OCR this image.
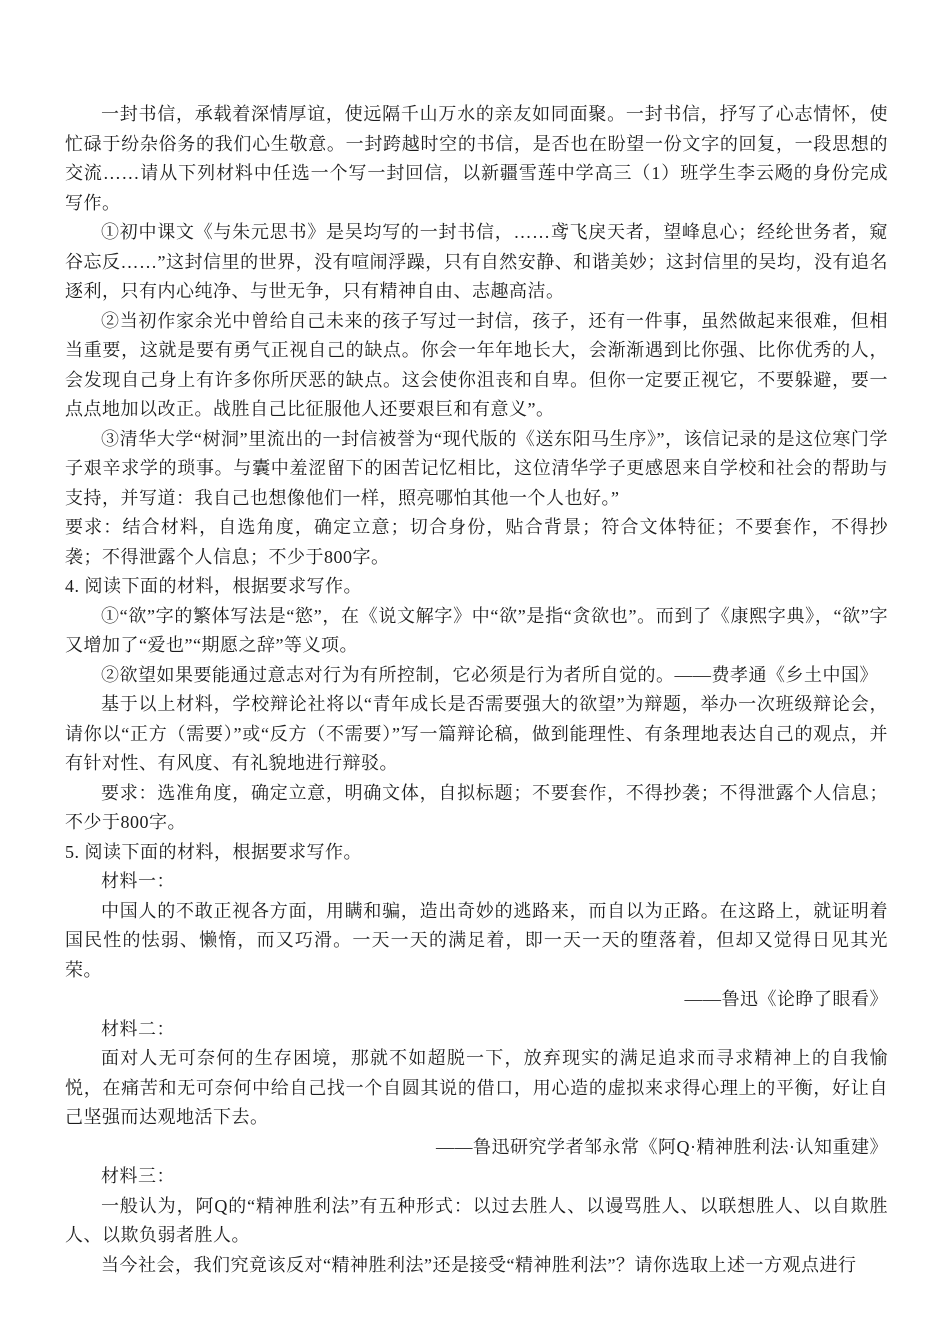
一封书信，承载着深情厚谊，使远隔千山万水的亲友如同面聚。一封书信，抒写了心志情怀，使忙碌于纷杂俗务的我们心生敬意。一封跨越时空的书信，是否也在盼望一份文字的回复，一段思想的交流……请从下列材料中任选一个写一封回信，以新疆雪莲中学高三（1）班学生李云飏的身份完成写作。

①初中课文《与朱元思书》是吴均写的一封书信，……鸢飞戾天者，望峰息心；经纶世务者，窥谷忘反……”这封信里的世界，没有喧闹浮躁，只有自然安静、和谐美妙；这封信里的吴均，没有追名逐利，只有内心纯净、与世无争，只有精神自由、志趣高洁。

②当初作家余光中曾给自己未来的孩子写过一封信，孩子，还有一件事，虽然做起来很难，但相当重要，这就是要有勇气正视自己的缺点。你会一年年地长大，会渐渐遇到比你强、比你优秀的人，会发现自己身上有许多你所厌恶的缺点。这会使你沮丧和自卑。但你一定要正视它，不要躲避，要一点点地加以改正。战胜自己比征服他人还要艰巨和有意义”。

③清华大学“树洞”里流出的一封信被誉为“现代版的《送东阳马生序》”，该信记录的是这位寒门学子艰辛求学的琐事。与囊中羞涩留下的困苦记忆相比，这位清华学子更感恩来自学校和社会的帮助与支持，并写道：我自己也想像他们一样，照亮哪怕其他一个人也好。”

要求：结合材料，自选角度，确定立意；切合身份，贴合背景；符合文体特征；不要套作，不得抄袭；不得泄露个人信息；不少于800字。

4. 阅读下面的材料，根据要求写作。

①“欲”字的繁体写法是“慾”，在《说文解字》中“欲”是指“贪欲也”。而到了《康熙字典》，“欲”字又增加了“爱也”“期愿之辞”等义项。

②欲望如果要能通过意志对行为有所控制，它必须是行为者所自觉的。——费孝通《乡土中国》

基于以上材料，学校辩论社将以“青年成长是否需要强大的欲望”为辩题，举办一次班级辩论会，请你以“正方（需要）”或“反方（不需要）”写一篇辩论稿，做到能理性、有条理地表达自己的观点，并有针对性、有风度、有礼貌地进行辩驳。

要求：选准角度，确定立意，明确文体，自拟标题；不要套作，不得抄袭；不得泄露个人信息；不少于800字。

5. 阅读下面的材料，根据要求写作。

材料一：

中国人的不敢正视各方面，用瞒和骗，造出奇妙的逃路来，而自以为正路。在这路上，就证明着国民性的怯弱、懒惰，而又巧滑。一天一天的满足着，即一天一天的堕落着，但却又觉得日见其光荣。

——鲁迅《论睁了眼看》

材料二：

面对人无可奈何的生存困境，那就不如超脱一下，放弃现实的满足追求而寻求精神上的自我愉悦，在痛苦和无可奈何中给自己找一个自圆其说的借口，用心造的虚拟来求得心理上的平衡，好让自己坚强而达观地活下去。

——鲁迅研究学者邹永常《阿Q·精神胜利法·认知重建》

材料三：

一般认为，阿Q的“精神胜利法”有五种形式：以过去胜人、以谩骂胜人、以联想胜人、以自欺胜人、以欺负弱者胜人。

当今社会，我们究竟该反对“精神胜利法”还是接受“精神胜利法”？请你选取上述一方观点进行
